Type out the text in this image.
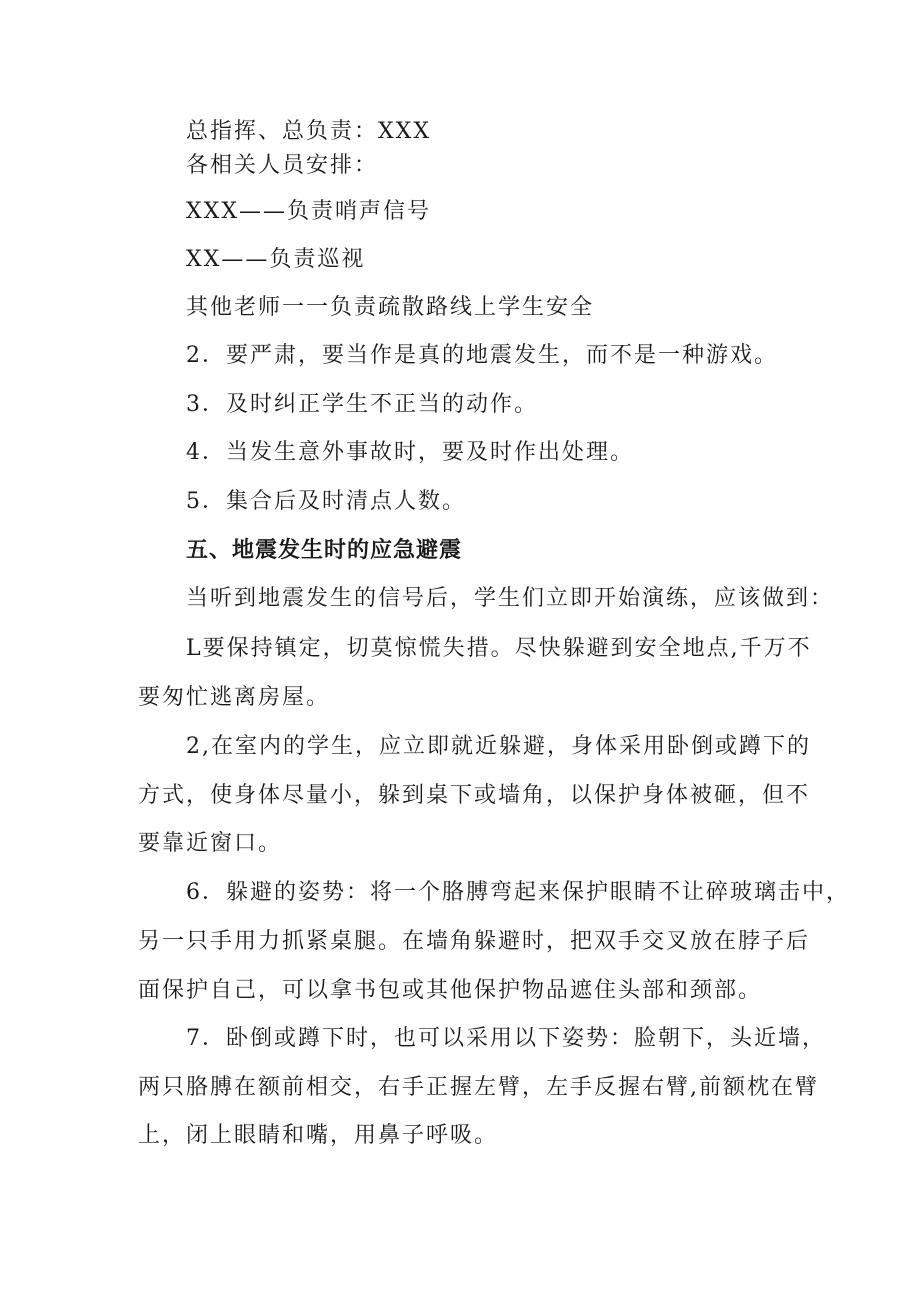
总指挥、总负责：XXX
各相关人员安排：
XXX——负责哨声信号
XX——负责巡视
其他老师一一负责疏散路线上学生安全
2．要严肃，要当作是真的地震发生，而不是一种游戏。
3．及时纠正学生不正当的动作。
4．当发生意外事故时，要及时作出处理。
5．集合后及时清点人数。
五、地震发生时的应急避震
当听到地震发生的信号后，学生们立即开始演练，应该做到：
L要保持镇定，切莫惊慌失措。尽快躲避到安全地点,千万不
要匆忙逃离房屋。
2,在室内的学生，应立即就近躲避，身体采用卧倒或蹲下的
方式，使身体尽量小，躲到桌下或墙角，以保护身体被砸，但不
要靠近窗口。
6．躲避的姿势：将一个胳膊弯起来保护眼睛不让碎玻璃击中，
另一只手用力抓紧桌腿。在墙角躲避时，把双手交叉放在脖子后
面保护自己，可以拿书包或其他保护物品遮住头部和颈部。
7．卧倒或蹲下时，也可以采用以下姿势：脸朝下，头近墙，
两只胳膊在额前相交，右手正握左臂，左手反握右臂,前额枕在臂
上，闭上眼睛和嘴，用鼻子呼吸。
